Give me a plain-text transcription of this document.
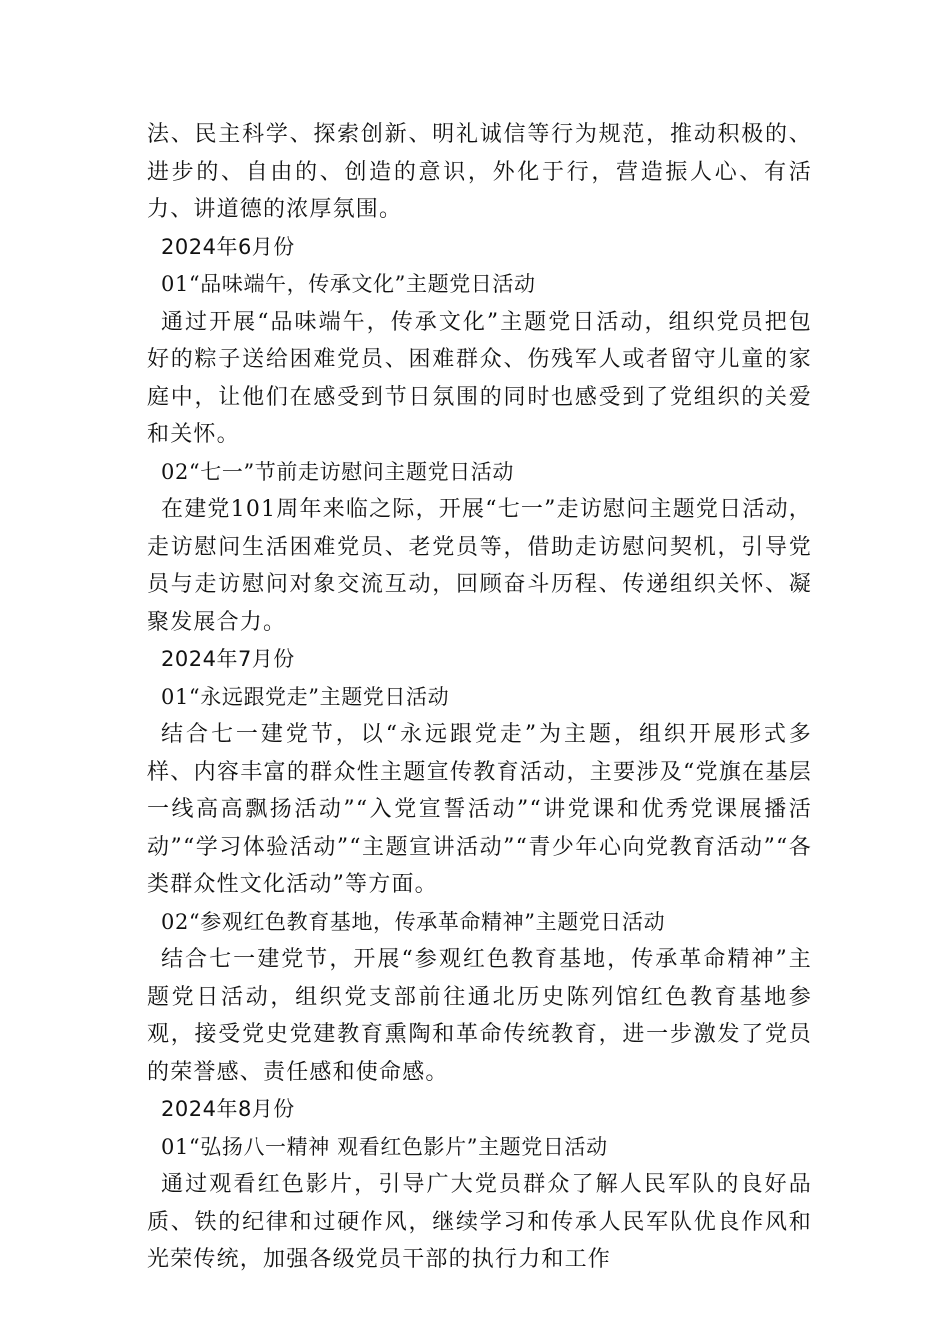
法、民主科学、探索创新、明礼诚信等行为规范，推动积极的、进步的、自由的、创造的意识，外化于行，营造振人心、有活力、讲道德的浓厚氛围。

2024年6月份

01“品味端午，传承文化”主题党日活动

通过开展“品味端午，传承文化”主题党日活动，组织党员把包好的粽子送给困难党员、困难群众、伤残军人或者留守儿童的家庭中，让他们在感受到节日氛围的同时也感受到了党组织的关爱和关怀。

02“七一”节前走访慰问主题党日活动

在建党101周年来临之际，开展“七一”走访慰问主题党日活动，走访慰问生活困难党员、老党员等，借助走访慰问契机，引导党员与走访慰问对象交流互动，回顾奋斗历程、传递组织关怀、凝聚发展合力。

2024年7月份

01“永远跟党走”主题党日活动

结合七一建党节，以“永远跟党走”为主题，组织开展形式多样、内容丰富的群众性主题宣传教育活动，主要涉及“党旗在基层一线高高飘扬活动”“入党宣誓活动”“讲党课和优秀党课展播活动”“学习体验活动”“主题宣讲活动”“青少年心向党教育活动”“各类群众性文化活动”等方面。

02“参观红色教育基地，传承革命精神”主题党日活动

结合七一建党节，开展“参观红色教育基地，传承革命精神”主题党日活动，组织党支部前往通北历史陈列馆红色教育基地参观，接受党史党建教育熏陶和革命传统教育，进一步激发了党员的荣誉感、责任感和使命感。

2024年8月份

01“弘扬八一精神 观看红色影片”主题党日活动

通过观看红色影片，引导广大党员群众了解人民军队的良好品质、铁的纪律和过硬作风，继续学习和传承人民军队优良作风和光荣传统，加强各级党员干部的执行力和工作
